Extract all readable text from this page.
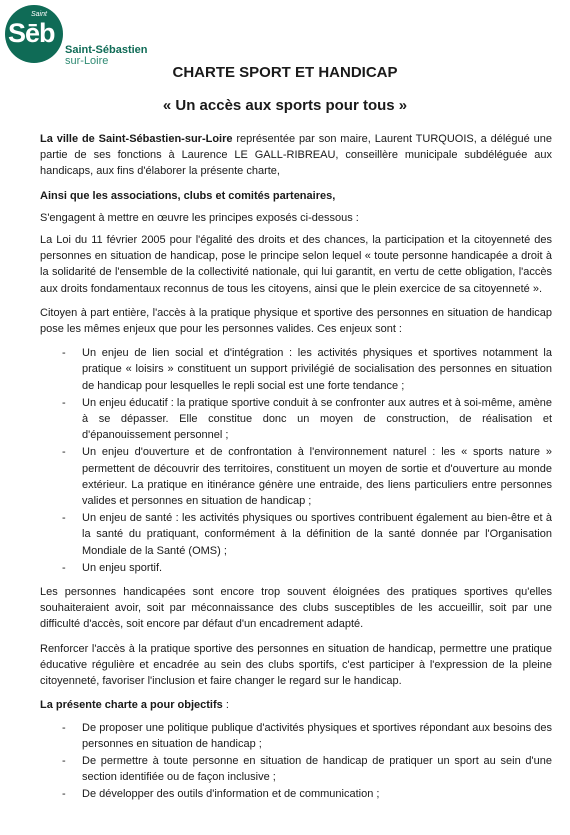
Saint
Sēb
Saint-Sébastien
sur-Loire
CHARTE SPORT ET HANDICAP
« Un accès aux sports pour tous »

La ville de Saint-Sébastien-sur-Loire représentée par son maire, Laurent TURQUOIS, a délégué une partie de ses fonctions à Laurence LE GALL-RIBREAU, conseillère municipale subdéléguée aux handicaps, aux fins d'élaborer la présente charte,

Ainsi que les associations, clubs et comités partenaires,

S'engagent à mettre en œuvre les principes exposés ci-dessous :

La Loi du 11 février 2005 pour l'égalité des droits et des chances, la participation et la citoyenneté des personnes en situation de handicap, pose le principe selon lequel « toute personne handicapée a droit à la solidarité de l'ensemble de la collectivité nationale, qui lui garantit, en vertu de cette obligation, l'accès aux droits fondamentaux reconnus de tous les citoyens, ainsi que le plein exercice de sa citoyenneté ».

Citoyen à part entière, l'accès à la pratique physique et sportive des personnes en situation de handicap pose les mêmes enjeux que pour les personnes valides. Ces enjeux sont :

- Un enjeu de lien social et d'intégration : les activités physiques et sportives notamment la pratique « loisirs » constituent un support privilégié de socialisation des personnes en situation de handicap pour lesquelles le repli social est une forte tendance ;
- Un enjeu éducatif : la pratique sportive conduit à se confronter aux autres et à soi-même, amène à se dépasser. Elle constitue donc un moyen de construction, de réalisation et d'épanouissement personnel ;
- Un enjeu d'ouverture et de confrontation à l'environnement naturel : les « sports nature » permettent de découvrir des territoires, constituent un moyen de sortie et d'ouverture au monde extérieur. La pratique en itinérance génère une entraide, des liens particuliers entre personnes valides et personnes en situation de handicap ;
- Un enjeu de santé : les activités physiques ou sportives contribuent également au bien-être et à la santé du pratiquant, conformément à la définition de la santé donnée par l'Organisation Mondiale de la Santé (OMS) ;
- Un enjeu sportif.

Les personnes handicapées sont encore trop souvent éloignées des pratiques sportives qu'elles souhaiteraient avoir, soit par méconnaissance des clubs susceptibles de les accueillir, soit par une difficulté d'accès, soit encore par défaut d'un encadrement adapté.

Renforcer l'accès à la pratique sportive des personnes en situation de handicap, permettre une pratique éducative régulière et encadrée au sein des clubs sportifs, c'est participer à l'expression de la pleine citoyenneté, favoriser l'inclusion et faire changer le regard sur le handicap.

La présente charte a pour objectifs :

- De proposer une politique publique d'activités physiques et sportives répondant aux besoins des personnes en situation de handicap ;
- De permettre à toute personne en situation de handicap de pratiquer un sport au sein d'une section identifiée ou de façon inclusive ;
- De développer des outils d'information et de communication ;
